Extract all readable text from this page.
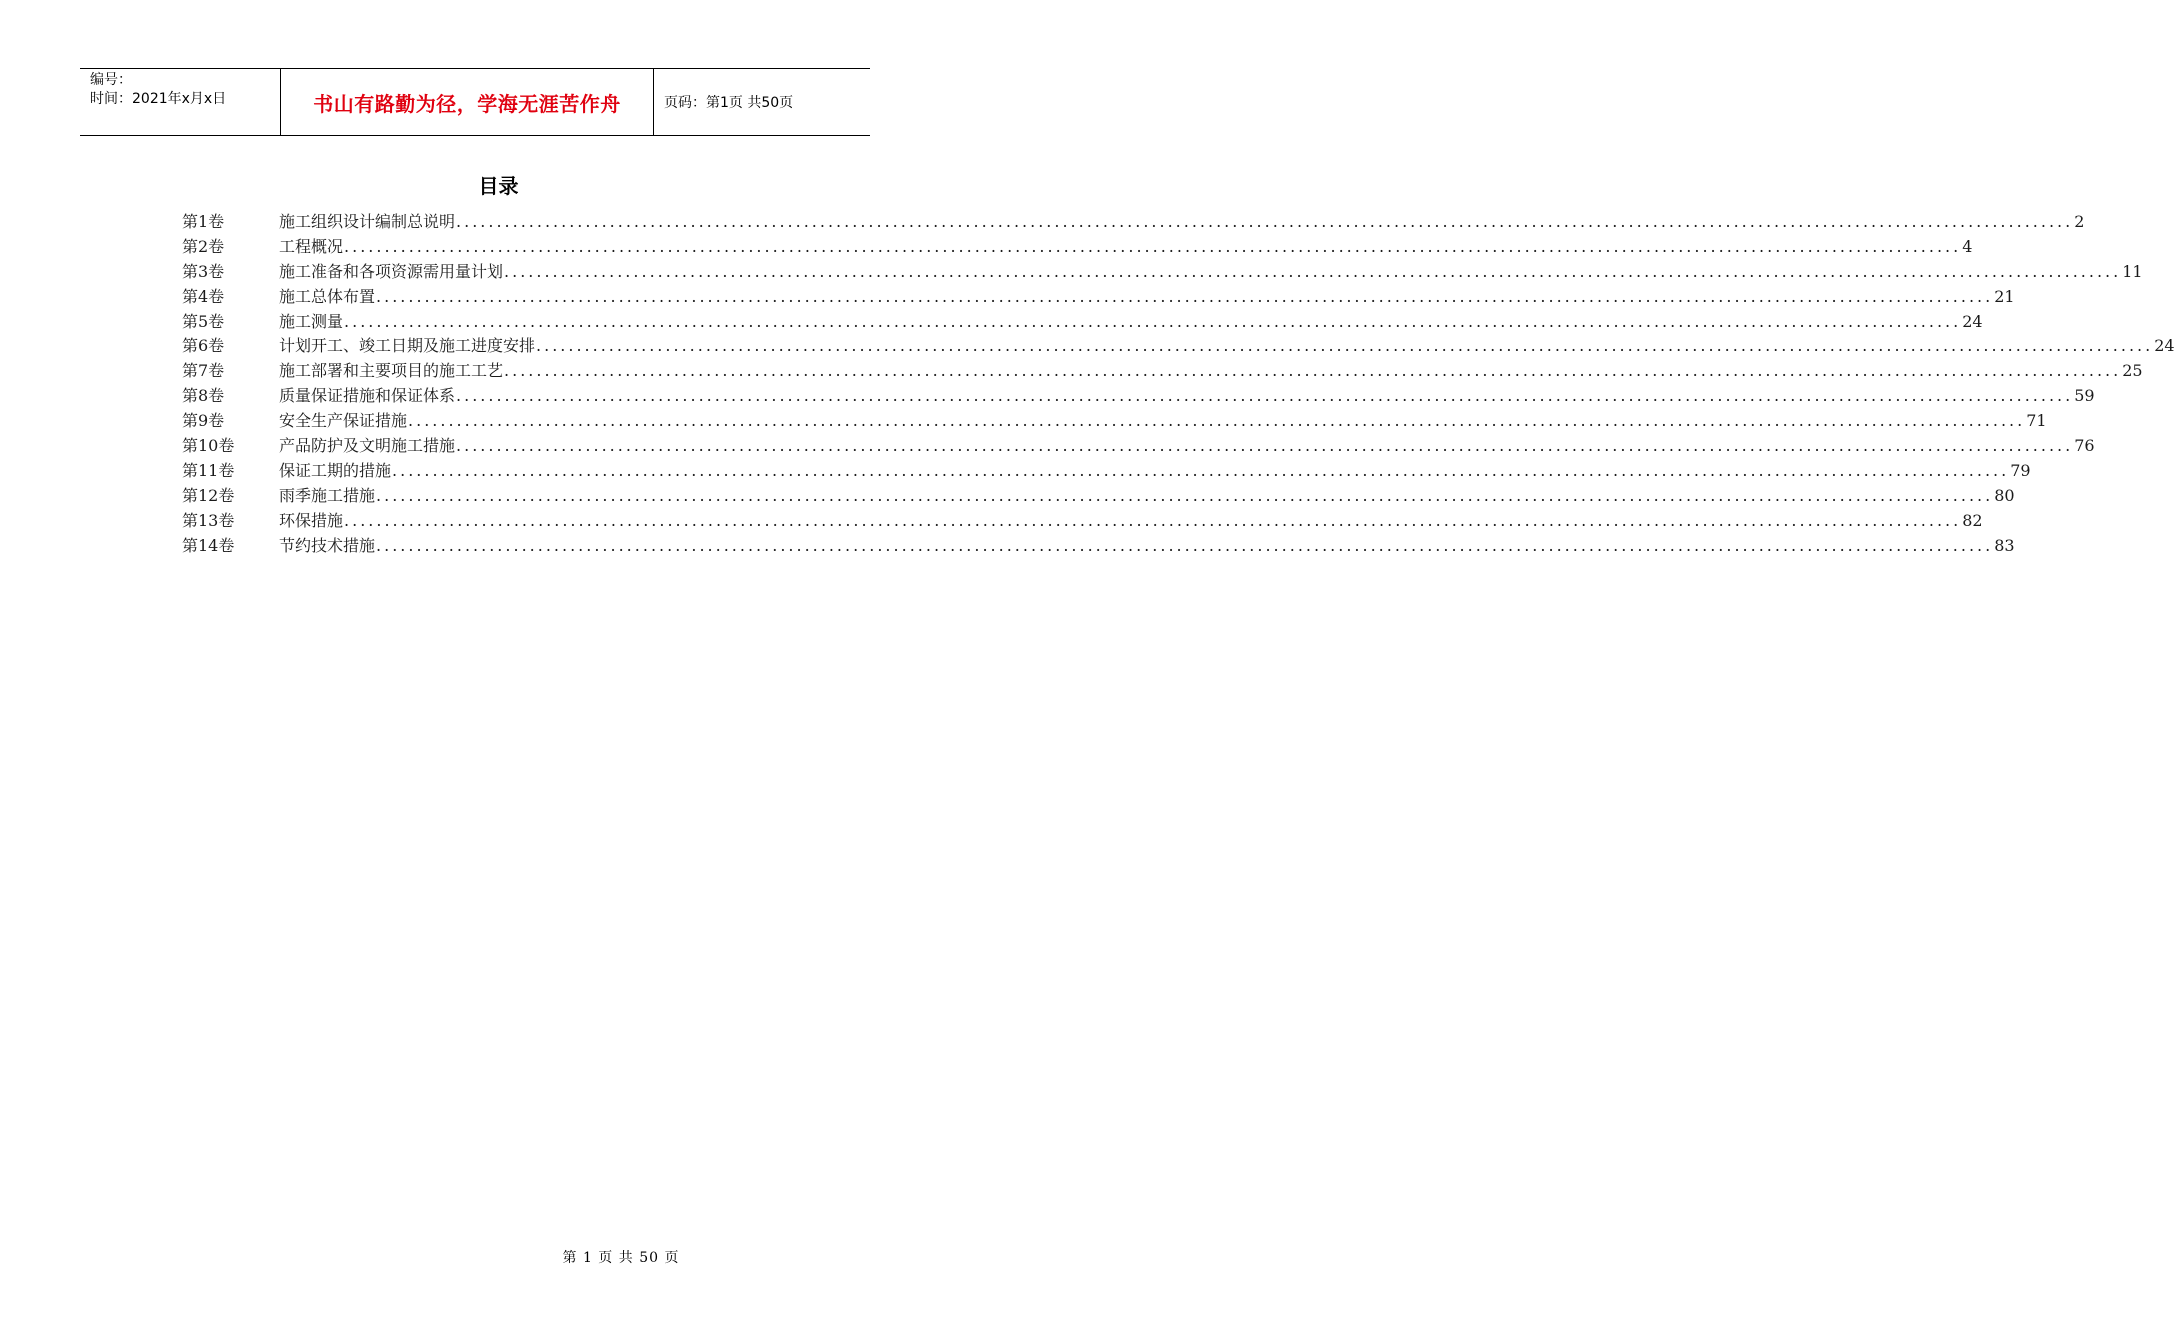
编号：
时间：2021年x月x日	书山有路勤为径，学海无涯苦作舟	页码：第1页 共50页
目录
第1卷	施工组织设计编制总说明 ........................................................................................................................................................................................................ 2
第2卷	工程概况 ........................................................................................................................................................................................................ 4
第3卷	施工准备和各项资源需用量计划 ........................................................................................................................................................................................................ 11
第4卷	施工总体布置 ........................................................................................................................................................................................................ 21
第5卷	施工测量 ........................................................................................................................................................................................................ 24
第6卷	计划开工、竣工日期及施工进度安排 ........................................................................................................................................................................................................ 24
第7卷	施工部署和主要项目的施工工艺 ........................................................................................................................................................................................................ 25
第8卷	质量保证措施和保证体系 ........................................................................................................................................................................................................ 59
第9卷	安全生产保证措施 ........................................................................................................................................................................................................ 71
第10卷	产品防护及文明施工措施 ........................................................................................................................................................................................................ 76
第11卷	保证工期的措施 ........................................................................................................................................................................................................ 79
第12卷	雨季施工措施 ........................................................................................................................................................................................................ 80
第13卷	环保措施 ........................................................................................................................................................................................................ 82
第14卷	节约技术措施 ........................................................................................................................................................................................................ 83
第 1 页 共 50 页
